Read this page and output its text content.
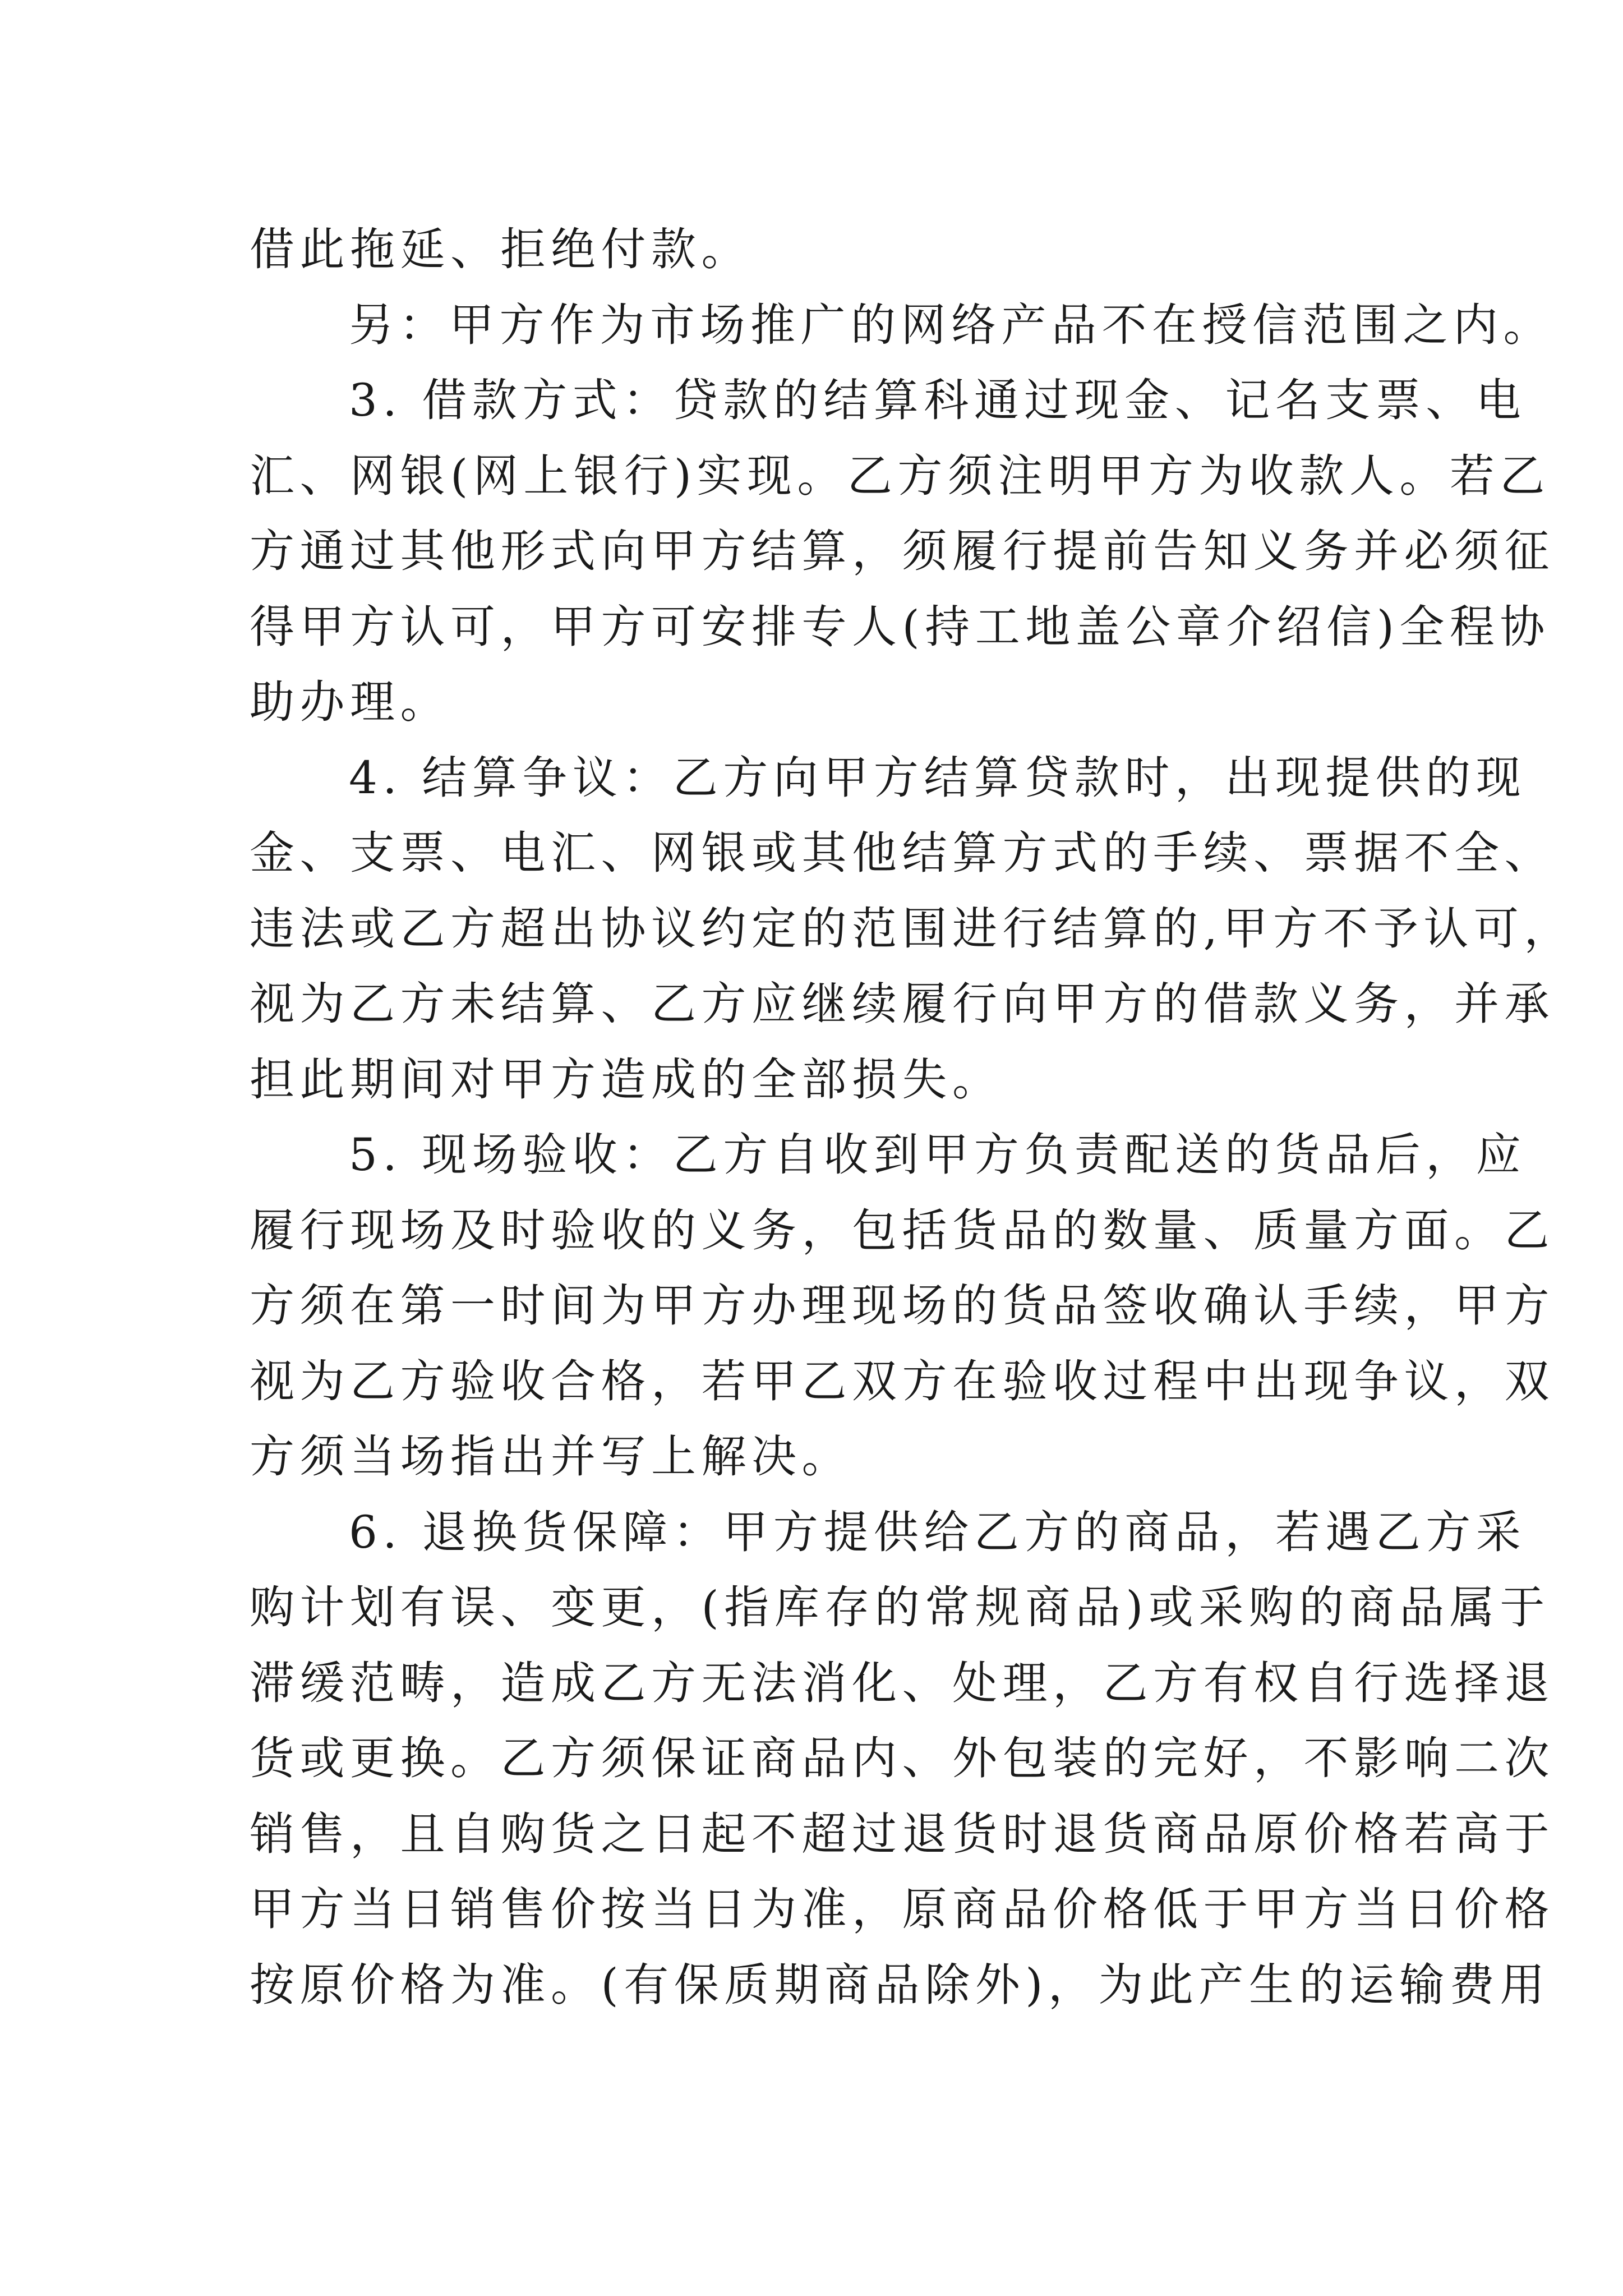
借此拖延、拒绝付款。
另：甲方作为市场推广的网络产品不在授信范围之内。
3. 借款方式：贷款的结算科通过现金、记名支票、电
汇、网银(网上银行)实现。乙方须注明甲方为收款人。若乙
方通过其他形式向甲方结算，须履行提前告知义务并必须征
得甲方认可，甲方可安排专人(持工地盖公章介绍信)全程协
助办理。
4. 结算争议：乙方向甲方结算贷款时，出现提供的现
金、支票、电汇、网银或其他结算方式的手续、票据不全、
违法或乙方超出协议约定的范围进行结算的,甲方不予认可，
视为乙方未结算、乙方应继续履行向甲方的借款义务，并承
担此期间对甲方造成的全部损失。
5. 现场验收：乙方自收到甲方负责配送的货品后，应
履行现场及时验收的义务，包括货品的数量、质量方面。乙
方须在第一时间为甲方办理现场的货品签收确认手续，甲方
视为乙方验收合格，若甲乙双方在验收过程中出现争议，双
方须当场指出并写上解决。
6. 退换货保障：甲方提供给乙方的商品，若遇乙方采
购计划有误、变更，(指库存的常规商品)或采购的商品属于
滞缓范畴，造成乙方无法消化、处理，乙方有权自行选择退
货或更换。乙方须保证商品内、外包装的完好，不影响二次
销售，且自购货之日起不超过退货时退货商品原价格若高于
甲方当日销售价按当日为准，原商品价格低于甲方当日价格
按原价格为准。(有保质期商品除外)，为此产生的运输费用
